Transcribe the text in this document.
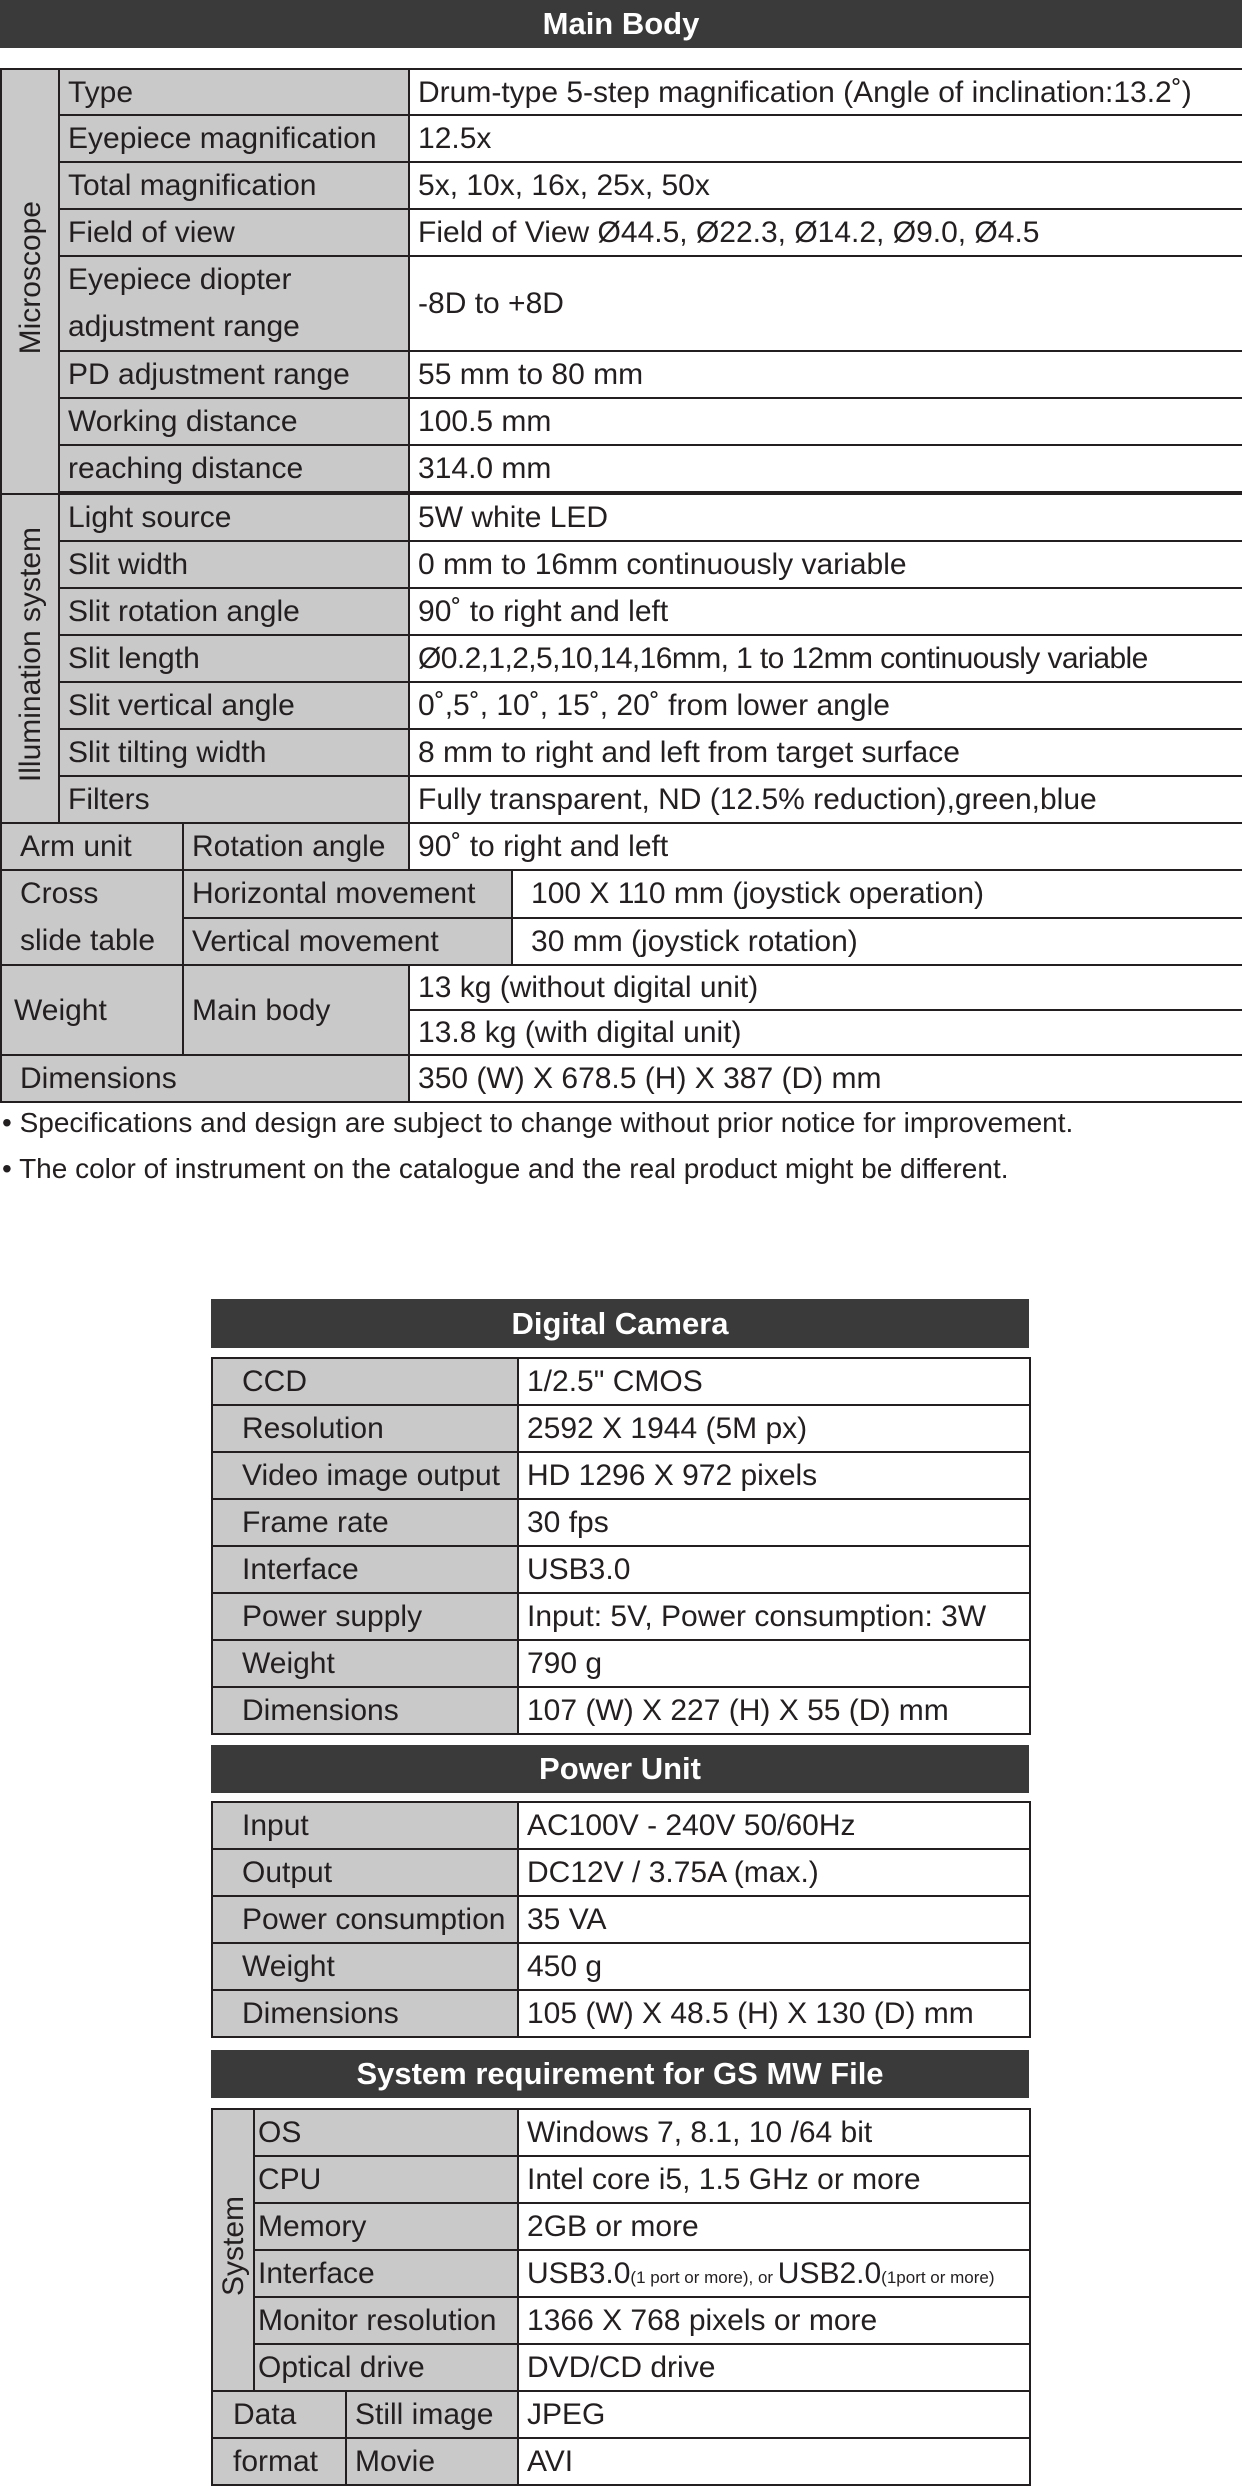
Main Body
Microscope	Type		Drum-type 5-step magnification (Angle of inclination:13.2˚)	
	Eyepiece magnification		12.5x	
	Total magnification		5x, 10x, 16x, 25x, 50x	
	Field of view		Field of View Ø44.5, Ø22.3, Ø14.2, Ø9.0, Ø4.5	
	Eyepiece diopter adjustment range		-8D to +8D	
	PD adjustment range		55 mm to 80 mm	
	Working distance		100.5 mm	
	reaching distance		314.0 mm	

Illumination system	Light source		5W white LED	
	Slit width		0 mm to 16mm continuously variable	
	Slit rotation angle		90˚ to right and left	
	Slit length		Ø0.2,1,2,5,10,14,16mm, 1 to 12mm continuously variable	
	Slit vertical angle		0˚,5˚, 10˚, 15˚, 20˚ from lower angle	
	Slit tilting width		8 mm to right and left from target surface	
	Filters		Fully transparent, ND (12.5% reduction),green,blue	
Arm unit		Rotation angle	90˚ to right and left	
Cross
slide table		Horizontal movement		100 X 110 mm (joystick operation)
		Vertical movement		30 mm (joystick rotation)
Weight		Main body	13 kg (without digital unit)	
			13.8 kg (with digital unit)	
Dimensions			350 (W) X 678.5 (H) X 387 (D) mm	
• Specifications and design are subject to change without prior notice for improvement.
• The color of instrument on the catalogue and the real product might be different.
Digital Camera
CCD	1/2.5" CMOS
Resolution	2592 X 1944 (5M px)
Video image output	HD 1296 X 972 pixels
Frame rate	30 fps
Interface	USB3.0
Power supply	Input: 5V, Power consumption: 3W
Weight	790 g
Dimensions	107 (W) X 227 (H) X 55 (D) mm
Power Unit
Input	AC100V - 240V 50/60Hz
Output	DC12V / 3.75A (max.)
Power consumption	35 VA
Weight	450 g
Dimensions	105 (W) X 48.5 (H) X 130 (D) mm
System requirement for GS MW File
System	OS		Windows 7, 8.1, 10 /64 bit
	CPU		Intel core i5, 1.5 GHz or more
	Memory		2GB or more
	Interface		USB3.0(1 port or more), or USB2.0(1port or more)
	Monitor resolution		1366 X 768 pixels or more
	Optical drive		DVD/CD drive
Data		Still image	JPEG
format		Movie	AVI
